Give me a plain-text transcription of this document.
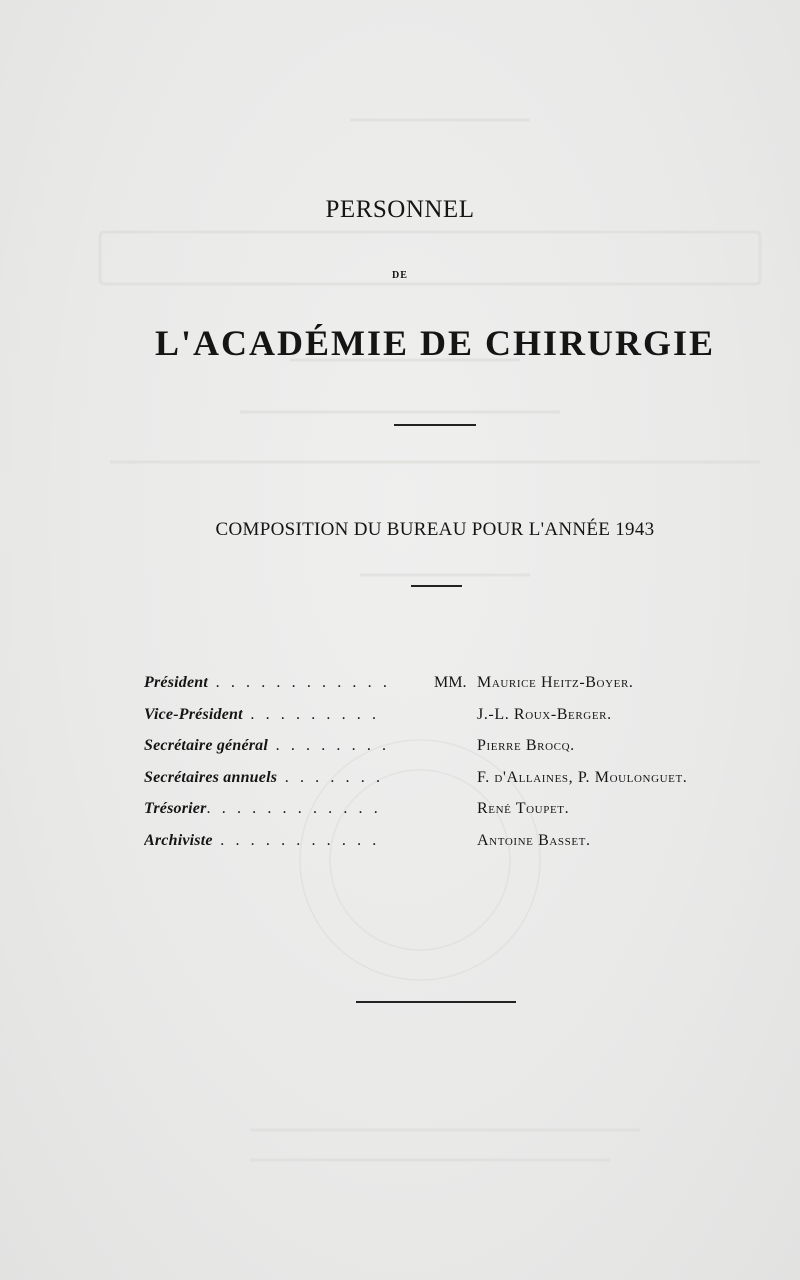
PERSONNEL
DE
L'ACADÉMIE DE CHIRURGIE
COMPOSITION DU BUREAU POUR L'ANNÉE 1943
Président . . . . . . . . . . . .	MM. Maurice Heitz-Boyer.
Vice-Président . . . . . . . . .	J.-L. Roux-Berger.
Secrétaire général . . . . . . . .	Pierre Brocq.
Secrétaires annuels . . . . . . .	F. d'Allaines, P. Moulonguet.
Trésorier. . . . . . . . . . . .	René Toupet.
Archiviste . . . . . . . . . . .	Antoine Basset.
